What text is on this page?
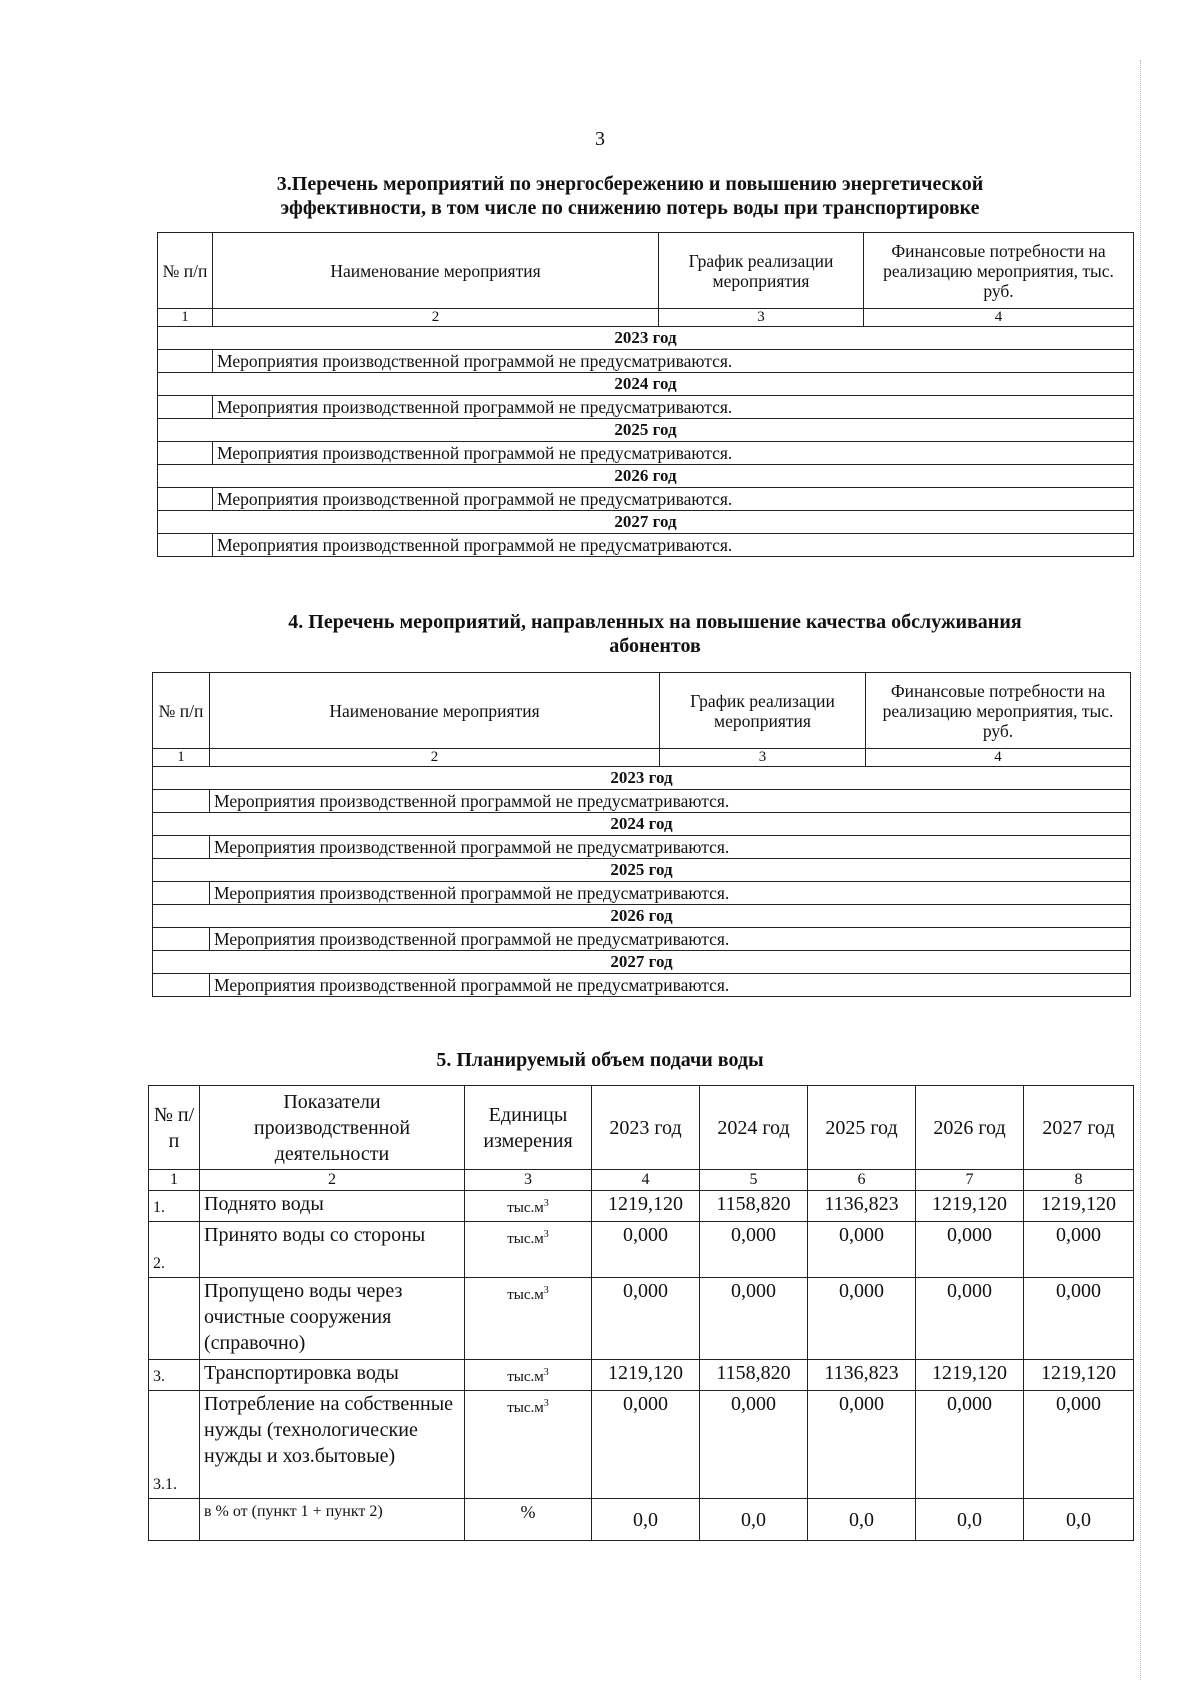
3
3.Перечень мероприятий по энергосбережению и повышению энергетической
эффективности, в том числе по снижению потерь воды при транспортировке
№ п/п	Наименование мероприятия	График реализации мероприятия	Финансовые потребности на реализацию мероприятия, тыс. руб.
1	2	3	4
2023 год			
	Мероприятия производственной программой не предусматриваются.		
2024 год			
	Мероприятия производственной программой не предусматриваются.		
2025 год			
	Мероприятия производственной программой не предусматриваются.		
2026 год			
	Мероприятия производственной программой не предусматриваются.		
2027 год			
	Мероприятия производственной программой не предусматриваются.		
4. Перечень мероприятий, направленных на повышение качества обслуживания
абонентов
№ п/п	Наименование мероприятия	График реализации мероприятия	Финансовые потребности на реализацию мероприятия, тыс. руб.
1	2	3	4
2023 год			
	Мероприятия производственной программой не предусматриваются.		
2024 год			
	Мероприятия производственной программой не предусматриваются.		
2025 год			
	Мероприятия производственной программой не предусматриваются.		
2026 год			
	Мероприятия производственной программой не предусматриваются.		
2027 год			
	Мероприятия производственной программой не предусматриваются.		
5. Планируемый объем подачи воды
№ п/п	Показатели производственной деятельности	Единицы измерения	2023 год	2024 год	2025 год	2026 год	2027 год
1	2	3	4	5	6	7	8
1.	Поднято воды	$тыс.м^3$	1219,120	1158,820	1136,823	1219,120	1219,120
2.	Принято воды со стороны	$тыс.м^3$	0,000	0,000	0,000	0,000	0,000
	Пропущено воды через очистные сооружения (справочно)	$тыс.м^3$	0,000	0,000	0,000	0,000	0,000
3.	Транспортировка воды	$тыс.м^3$	1219,120	1158,820	1136,823	1219,120	1219,120
3.1.	Потребление на собственные нужды (технологические нужды и хоз.бытовые)	$тыс.м^3$	0,000	0,000	0,000	0,000	0,000
	в % от (пункт 1 + пункт 2)	%	0,0	0,0	0,0	0,0	0,0
